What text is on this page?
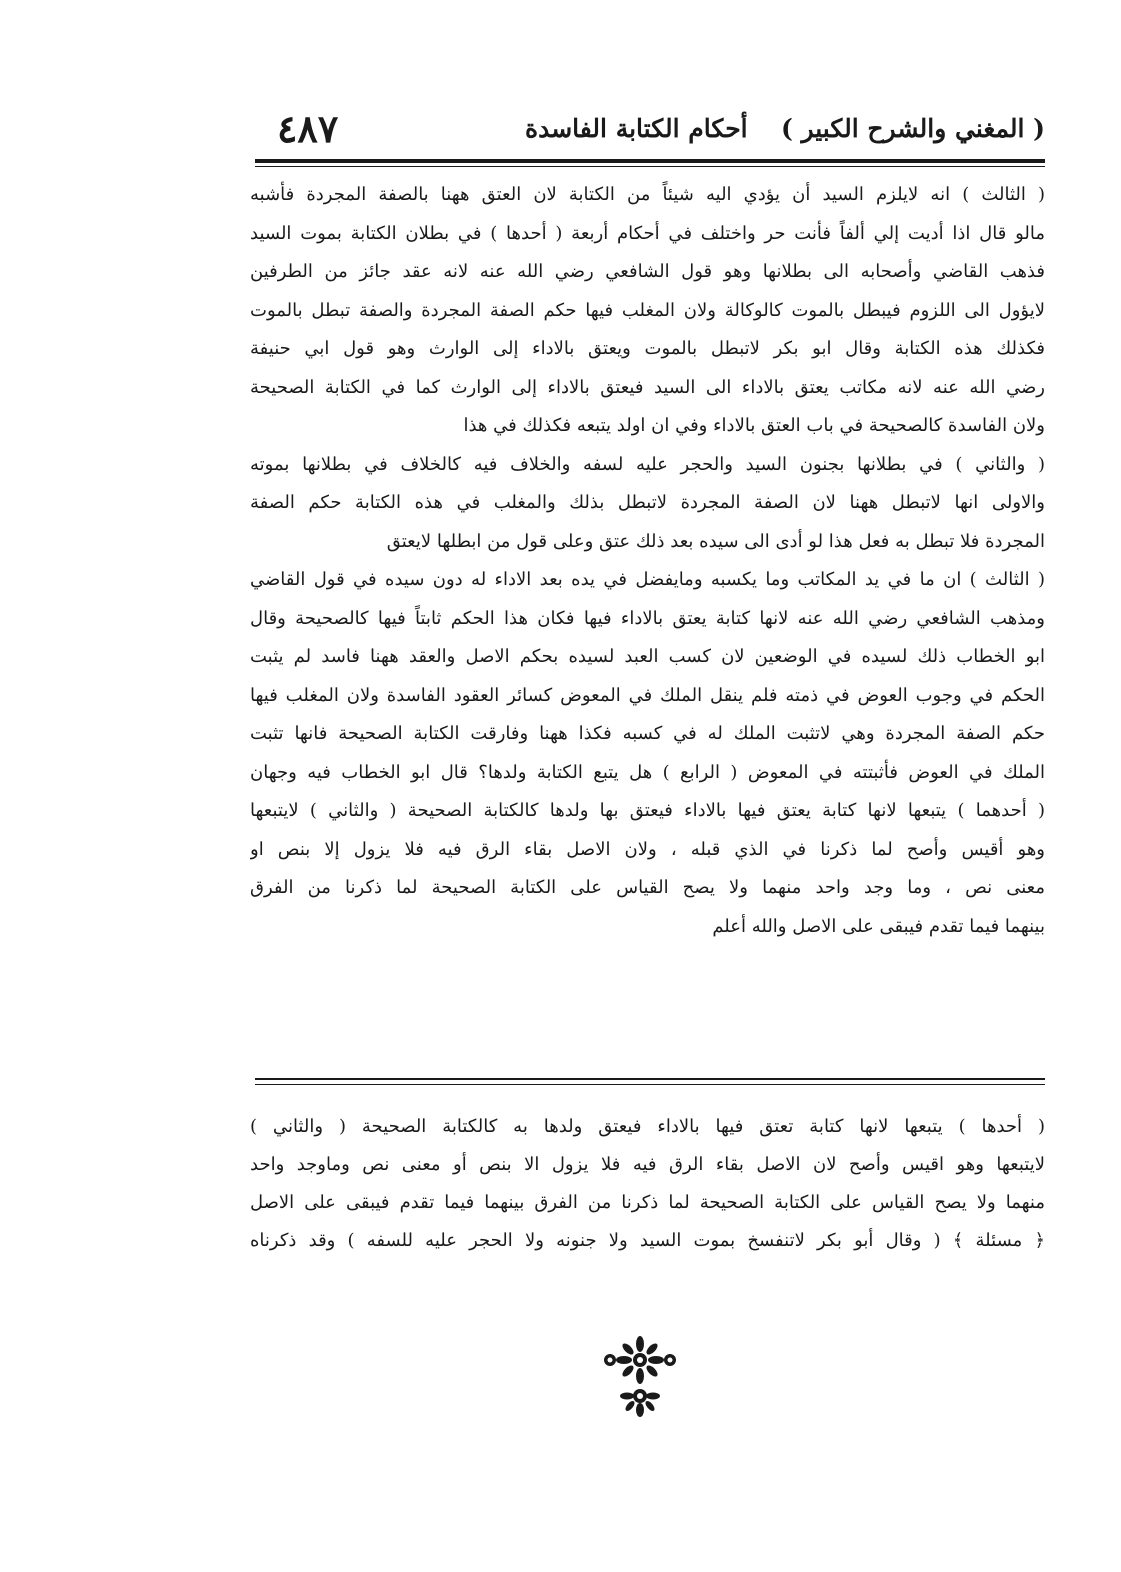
( المغني والشرح الكبير )
أحكام الكتابة الفاسدة
٤٨٧
( الثالث ) انه لايلزم السيد أن يؤدي اليه شيئاً من الكتابة لان العتق ههنا بالصفة المجردة فأشبه
مالو قال اذا أديت إلي ألفاً فأنت حر واختلف في أحكام أربعة ( أحدها ) في بطلان الكتابة بموت السيد
فذهب القاضي وأصحابه الى بطلانها وهو قول الشافعي رضي الله عنه لانه عقد جائز من الطرفين
لايؤول الى اللزوم فيبطل بالموت كالوكالة ولان المغلب فيها حكم الصفة المجردة والصفة تبطل بالموت
فكذلك هذه الكتابة وقال ابو بكر لاتبطل بالموت ويعتق بالاداء إلى الوارث وهو قول ابي حنيفة
رضي الله عنه لانه مكاتب يعتق بالاداء الى السيد فيعتق بالاداء إلى الوارث كما في الكتابة الصحيحة
ولان الفاسدة كالصحيحة في باب العتق بالاداء وفي ان اولد يتبعه فكذلك في هذا
( والثاني ) في بطلانها بجنون السيد والحجر عليه لسفه والخلاف فيه كالخلاف في بطلانها بموته
والاولى انها لاتبطل ههنا لان الصفة المجردة لاتبطل بذلك والمغلب في هذه الكتابة حكم الصفة
المجردة فلا تبطل به فعل هذا لو أدى الى سيده بعد ذلك عتق وعلى قول من ابطلها لايعتق
( الثالث ) ان ما في يد المكاتب وما يكسبه ومايفضل في يده بعد الاداء له دون سيده في قول القاضي
ومذهب الشافعي رضي الله عنه لانها كتابة يعتق بالاداء فيها فكان هذا الحكم ثابتاً فيها كالصحيحة وقال
ابو الخطاب ذلك لسيده في الوضعين لان كسب العبد لسيده بحكم الاصل والعقد ههنا فاسد لم يثبت
الحكم في وجوب العوض في ذمته فلم ينقل الملك في المعوض كسائر العقود الفاسدة ولان المغلب فيها
حكم الصفة المجردة وهي لاتثبت الملك له في كسبه فكذا ههنا وفارقت الكتابة الصحيحة فانها تثبت
الملك في العوض فأثبتته في المعوض ( الرابع ) هل يتبع الكتابة ولدها؟ قال ابو الخطاب فيه وجهان
( أحدهما ) يتبعها لانها كتابة يعتق فيها بالاداء فيعتق بها ولدها كالكتابة الصحيحة ( والثاني ) لايتبعها
وهو أقيس وأصح لما ذكرنا في الذي قبله ، ولان الاصل بقاء الرق فيه فلا يزول إلا بنص او
معنى نص ، وما وجد واحد منهما ولا يصح القياس على الكتابة الصحيحة لما ذكرنا من الفرق
بينهما فيما تقدم فيبقى على الاصل والله أعلم
( أحدها ) يتبعها لانها كتابة تعتق فيها بالاداء فيعتق ولدها به كالكتابة الصحيحة ( والثاني )
لايتبعها وهو اقيس وأصح لان الاصل بقاء الرق فيه فلا يزول الا بنص أو معنى نص وماوجد واحد
منهما ولا يصح القياس على الكتابة الصحيحة لما ذكرنا من الفرق بينهما فيما تقدم فيبقى على الاصل
﴿ مسئلة ﴾ ( وقال أبو بكر لاتنفسخ بموت السيد ولا جنونه ولا الحجر عليه للسفه ) وقد ذكرناه
